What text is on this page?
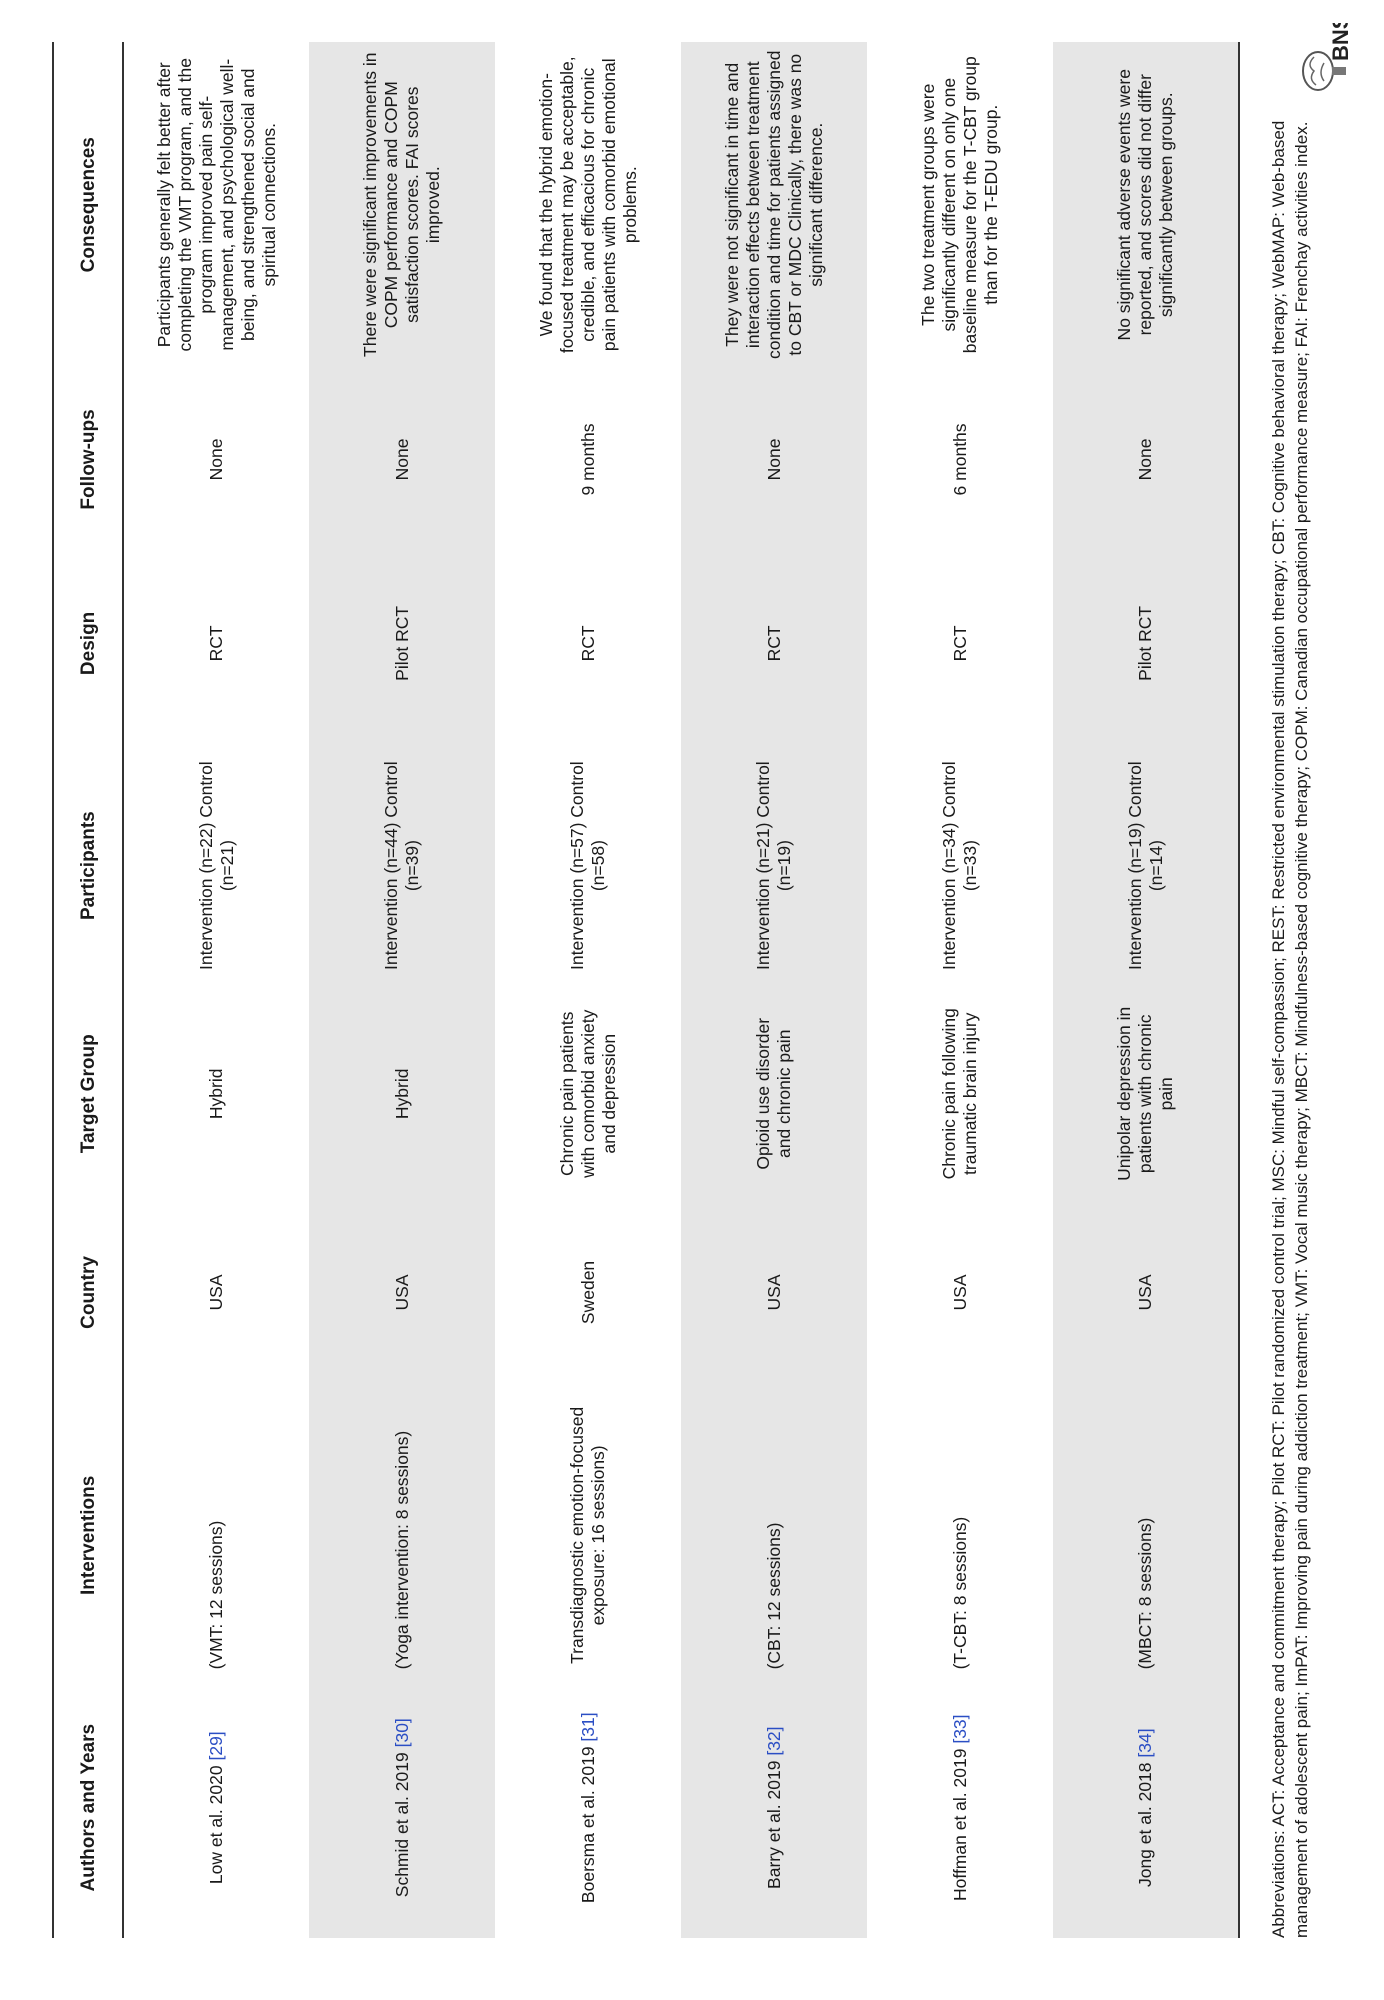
Authors and Years	Interventions	Country	Target Group	Participants	Design	Follow-ups	Consequences
Low et al. 2020 [29]	(VMT: 12 sessions)	USA	Hybrid	Intervention (n=22) Control (n=21)	RCT	None	Participants generally felt better after completing the VMT program, and the program improved pain self-management, and psychological well-being, and strengthened social and spiritual connections.
Schmid et al. 2019 [30]	(Yoga intervention: 8 sessions)	USA	Hybrid	Intervention (n=44) Control (n=39)	Pilot RCT	None	There were significant improvements in COPM performance and COPM satisfaction scores. FAI scores improved.
Boersma et al. 2019 [31]	Transdiagnostic emotion-focused exposure: 16 sessions)	Sweden	Chronic pain patients with comorbid anxiety and depression	Intervention (n=57) Control (n=58)	RCT	9 months	We found that the hybrid emotion-focused treatment may be acceptable, credible, and efficacious for chronic pain patients with comorbid emotional problems.
Barry et al. 2019 [32]	(CBT: 12 sessions)	USA	Opioid use disorder and chronic pain	Intervention (n=21) Control (n=19)	RCT	None	They were not significant in time and interaction effects between treatment condition and time for patients assigned to CBT or MDC Clinically, there was no significant difference.
Hoffman et al. 2019 [33]	(T-CBT: 8 sessions)	USA	Chronic pain following traumatic brain injury	Intervention (n=34) Control (n=33)	RCT	6 months	The two treatment groups were significantly different on only one baseline measure for the T-CBT group than for the T-EDU group.
Jong et al. 2018 [34]	(MBCT: 8 sessions)	USA	Unipolar depression in patients with chronic pain	Intervention (n=19) Control (n=14)	Pilot RCT	None	No significant adverse events were reported, and scores did not differ significantly between groups.	Abbreviations: ACT: Acceptance and commitment therapy; Pilot RCT: Pilot randomized control trial; MSC: Mindful self-compassion; REST: Restricted environmental stimulation therapy; CBT: Cognitive behavioral therapy; WebMAP: Web-based management of adolescent pain; ImPAT: Improving pain during addiction treatment; VMT: Vocal music therapy; MBCT: Mindfulness-based cognitive therapy; COPM: Canadian occupational performance measure; FAI: Frenchay activities index.

BNS
